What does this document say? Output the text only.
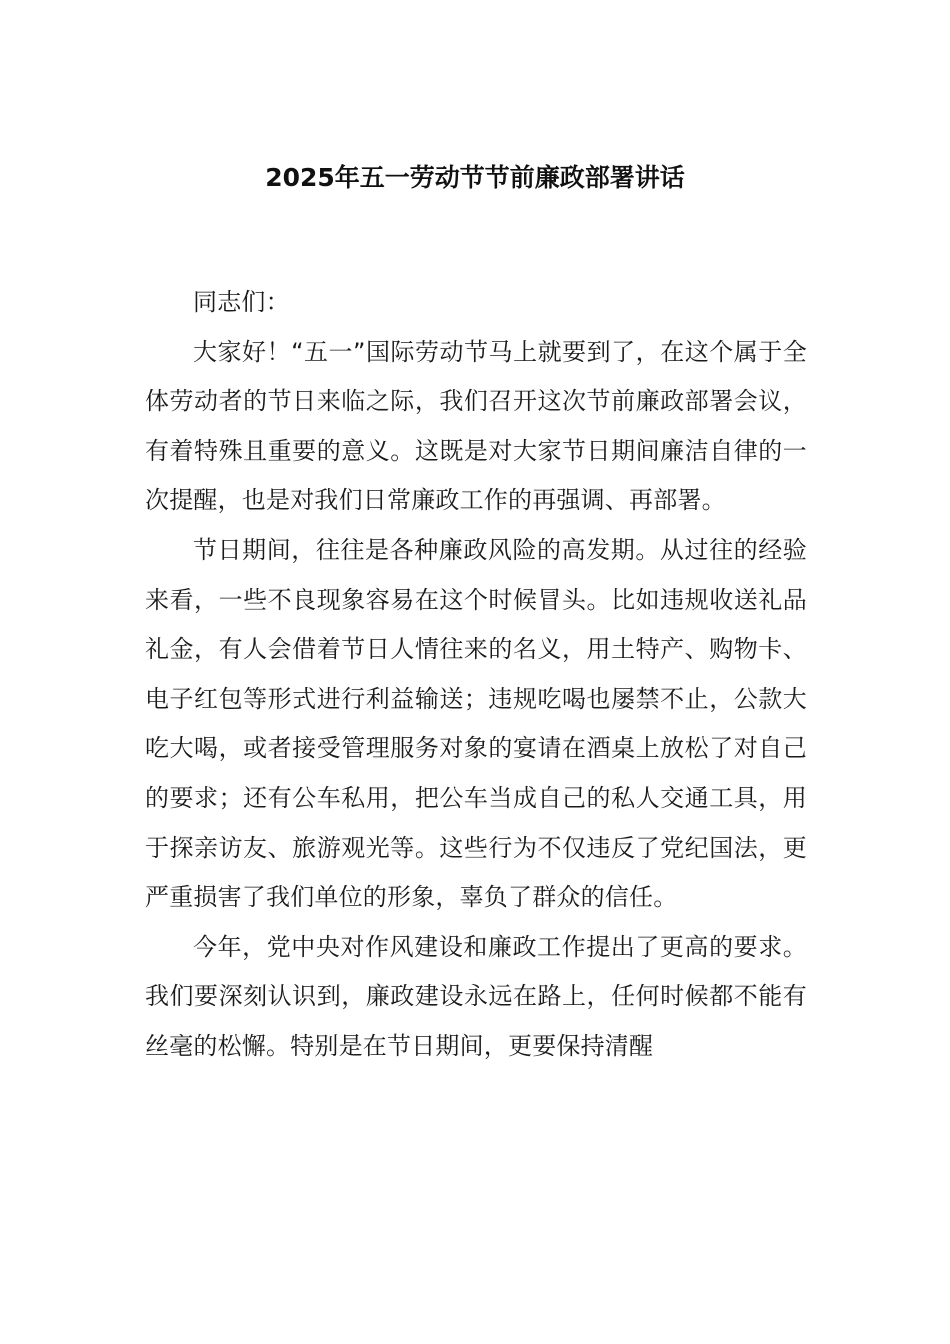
2025年五一劳动节节前廉政部署讲话

同志们：

大家好！“五一”国际劳动节马上就要到了，在这个属于全体劳动者的节日来临之际，我们召开这次节前廉政部署会议，有着特殊且重要的意义。这既是对大家节日期间廉洁自律的一次提醒，也是对我们日常廉政工作的再强调、再部署。

节日期间，往往是各种廉政风险的高发期。从过往的经验来看，一些不良现象容易在这个时候冒头。比如违规收送礼品礼金，有人会借着节日人情往来的名义，用土特产、购物卡、电子红包等形式进行利益输送；违规吃喝也屡禁不止，公款大吃大喝，或者接受管理服务对象的宴请在酒桌上放松了对自己的要求；还有公车私用，把公车当成自己的私人交通工具，用于探亲访友、旅游观光等。这些行为不仅违反了党纪国法，更严重损害了我们单位的形象，辜负了群众的信任。

今年，党中央对作风建设和廉政工作提出了更高的要求。我们要深刻认识到，廉政建设永远在路上，任何时候都不能有丝毫的松懈。特别是在节日期间，更要保持清醒
